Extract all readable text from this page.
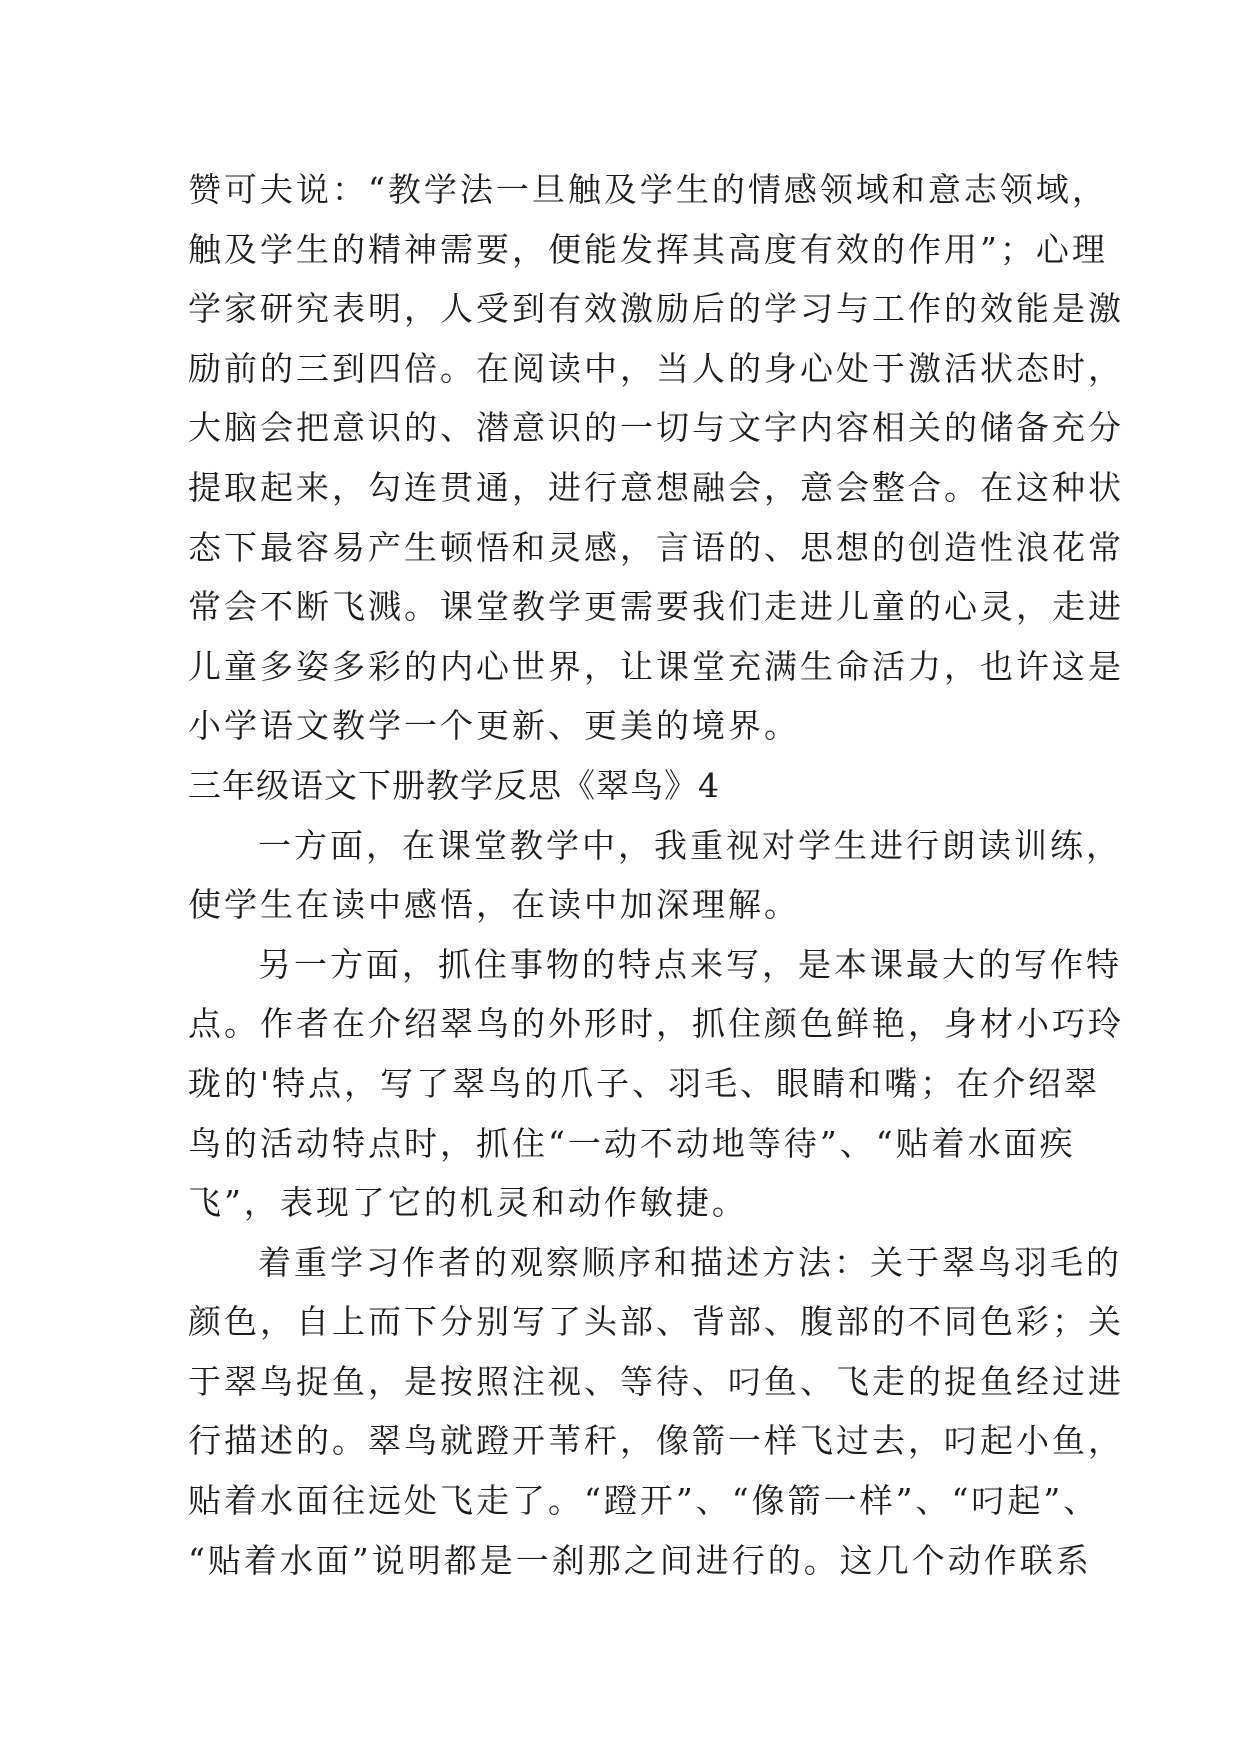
赞可夫说：“教学法一旦触及学生的情感领域和意志领域，
触及学生的精神需要，便能发挥其高度有效的作用”；心理
学家研究表明，人受到有效激励后的学习与工作的效能是激
励前的三到四倍。在阅读中，当人的身心处于激活状态时，
大脑会把意识的、潜意识的一切与文字内容相关的储备充分
提取起来，勾连贯通，进行意想融会，意会整合。在这种状
态下最容易产生顿悟和灵感，言语的、思想的创造性浪花常
常会不断飞溅。课堂教学更需要我们走进儿童的心灵，走进
儿童多姿多彩的内心世界，让课堂充满生命活力，也许这是
小学语文教学一个更新、更美的境界。
三年级语文下册教学反思《翠鸟》4
一方面，在课堂教学中，我重视对学生进行朗读训练，
使学生在读中感悟，在读中加深理解。
另一方面，抓住事物的特点来写，是本课最大的写作特
点。作者在介绍翠鸟的外形时，抓住颜色鲜艳，身材小巧玲
珑的'特点，写了翠鸟的爪子、羽毛、眼睛和嘴；在介绍翠
鸟的活动特点时，抓住“一动不动地等待”、“贴着水面疾
飞”，表现了它的机灵和动作敏捷。
着重学习作者的观察顺序和描述方法：关于翠鸟羽毛的
颜色，自上而下分别写了头部、背部、腹部的不同色彩；关
于翠鸟捉鱼，是按照注视、等待、叼鱼、飞走的捉鱼经过进
行描述的。翠鸟就蹬开苇秆，像箭一样飞过去，叼起小鱼，
贴着水面往远处飞走了。“蹬开”、“像箭一样”、“叼起”、
“贴着水面”说明都是一刹那之间进行的。这几个动作联系
